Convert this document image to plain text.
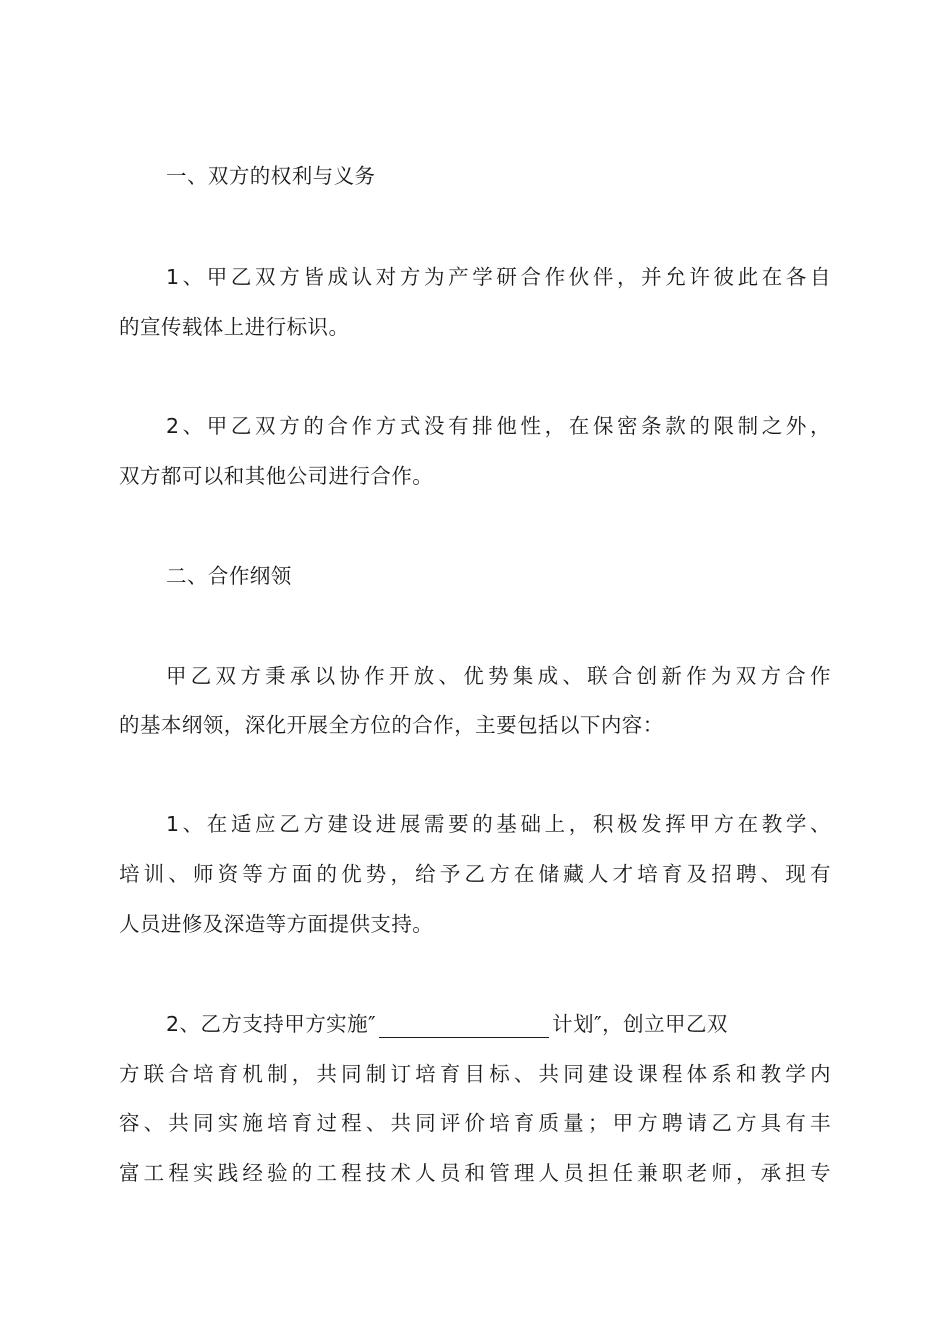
一、双方的权利与义务
1、甲乙双方皆成认对方为产学研合作伙伴，并允许彼此在各自
的宣传载体上进行标识。
2、甲乙双方的合作方式没有排他性，在保密条款的限制之外，
双方都可以和其他公司进行合作。
二、合作纲领
甲乙双方秉承以协作开放、优势集成、联合创新作为双方合作
的基本纲领，深化开展全方位的合作，主要包括以下内容：
1、在适应乙方建设进展需要的基础上，积极发挥甲方在教学、
培训、师资等方面的优势，给予乙方在储藏人才培育及招聘、现有
人员进修及深造等方面提供支持。
2、乙方支持甲方实施″	计划″，创立甲乙双
方联合培育机制，共同制订培育目标、共同建设课程体系和教学内
容、共同实施培育过程、共同评价培育质量；甲方聘请乙方具有丰
富工程实践经验的工程技术人员和管理人员担任兼职老师，承担专
